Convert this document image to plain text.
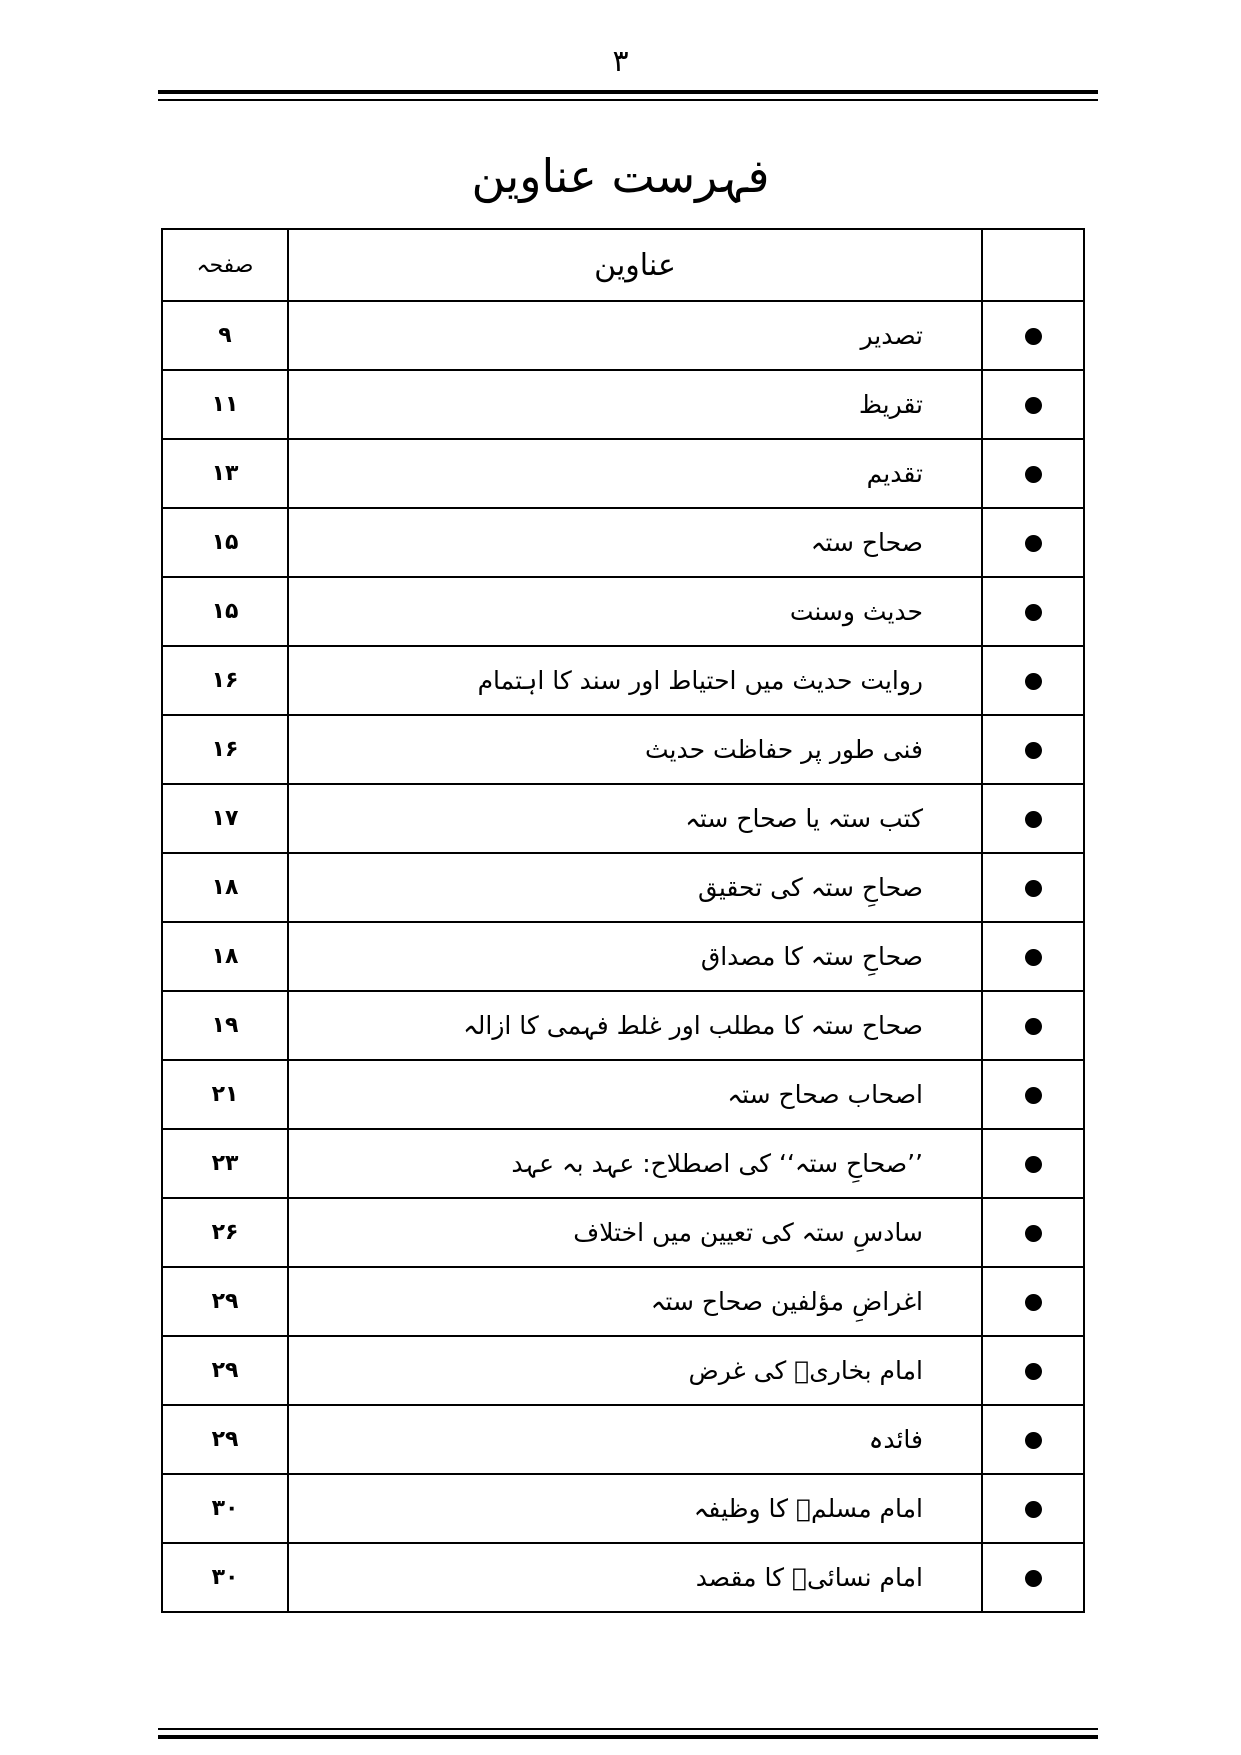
۳
فہرست عناوین
	عناوین	صفحہ
	تصدیر	۹
	تقریظ	۱۱
	تقدیم	۱۳
	صحاح ستہ	۱۵
	حدیث وسنت	۱۵
	روایت حدیث میں احتیاط اور سند کا اہتمام	۱۶
	فنی طور پر حفاظت حدیث	۱۶
	کتب ستہ یا صحاح ستہ	۱۷
	صحاحِ ستہ کی تحقیق	۱۸
	صحاحِ ستہ کا مصداق	۱۸
	صحاح ستہ کا مطلب اور غلط فہمی کا ازالہ	۱۹
	اصحاب صحاح ستہ	۲۱
	’’صحاحِ ستہ‘‘ کی اصطلاح: عہد بہ عہد	۲۳
	سادسِ ستہ کی تعیین میں اختلاف	۲۶
	اغراضِ مؤلفین صحاح ستہ	۲۹
	امام بخاریؒ کی غرض	۲۹
	فائدہ	۲۹
	امام مسلمؒ کا وظیفہ	۳۰
	امام نسائیؒ کا مقصد	۳۰
